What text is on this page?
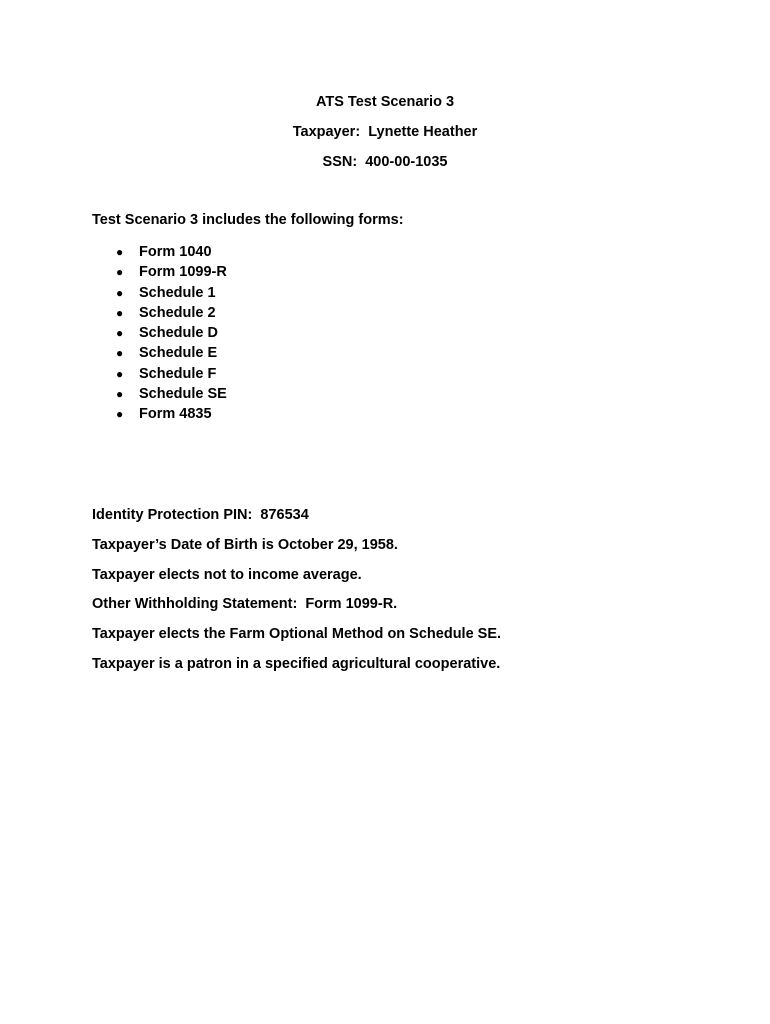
ATS Test Scenario 3
Taxpayer:  Lynette Heather
SSN:  400-00-1035
Test Scenario 3 includes the following forms:
● Form 1040
● Form 1099-R
● Schedule 1
● Schedule 2
● Schedule D
● Schedule E
● Schedule F
● Schedule SE
● Form 4835
Identity Protection PIN:  876534
Taxpayer’s Date of Birth is October 29, 1958.
Taxpayer elects not to income average.
Other Withholding Statement:  Form 1099-R.
Taxpayer elects the Farm Optional Method on Schedule SE.
Taxpayer is a patron in a specified agricultural cooperative.
